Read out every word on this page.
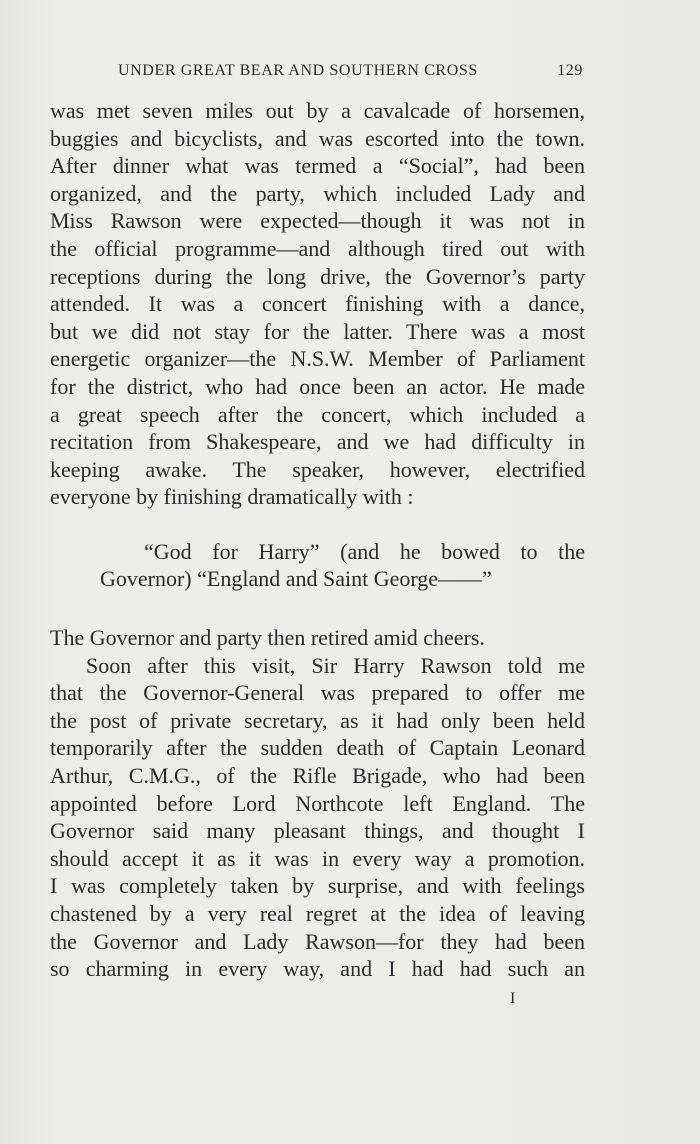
UNDER GREAT BEAR AND SOUTHERN CROSS	129
was met seven miles out by a cavalcade of horsemen,
buggies and bicyclists, and was escorted into the town.
After dinner what was termed a “Social”, had been
organized, and the party, which included Lady and
Miss Rawson were expected—though it was not in
the official programme—and although tired out with
receptions during the long drive, the Governor’s party
attended. It was a concert finishing with a dance,
but we did not stay for the latter. There was a most
energetic organizer—the N.S.W. Member of Parliament
for the district, who had once been an actor. He made
a great speech after the concert, which included a
recitation from Shakespeare, and we had difficulty in
keeping awake. The speaker, however, electrified
everyone by finishing dramatically with :
“God for Harry” (and he bowed to the
Governor) “England and Saint George——”
The Governor and party then retired amid cheers.
Soon after this visit, Sir Harry Rawson told me
that the Governor-General was prepared to offer me
the post of private secretary, as it had only been held
temporarily after the sudden death of Captain Leonard
Arthur, C.M.G., of the Rifle Brigade, who had been
appointed before Lord Northcote left England. The
Governor said many pleasant things, and thought I
should accept it as it was in every way a promotion.
I was completely taken by surprise, and with feelings
chastened by a very real regret at the idea of leaving
the Governor and Lady Rawson—for they had been
so charming in every way, and I had had such an
I
